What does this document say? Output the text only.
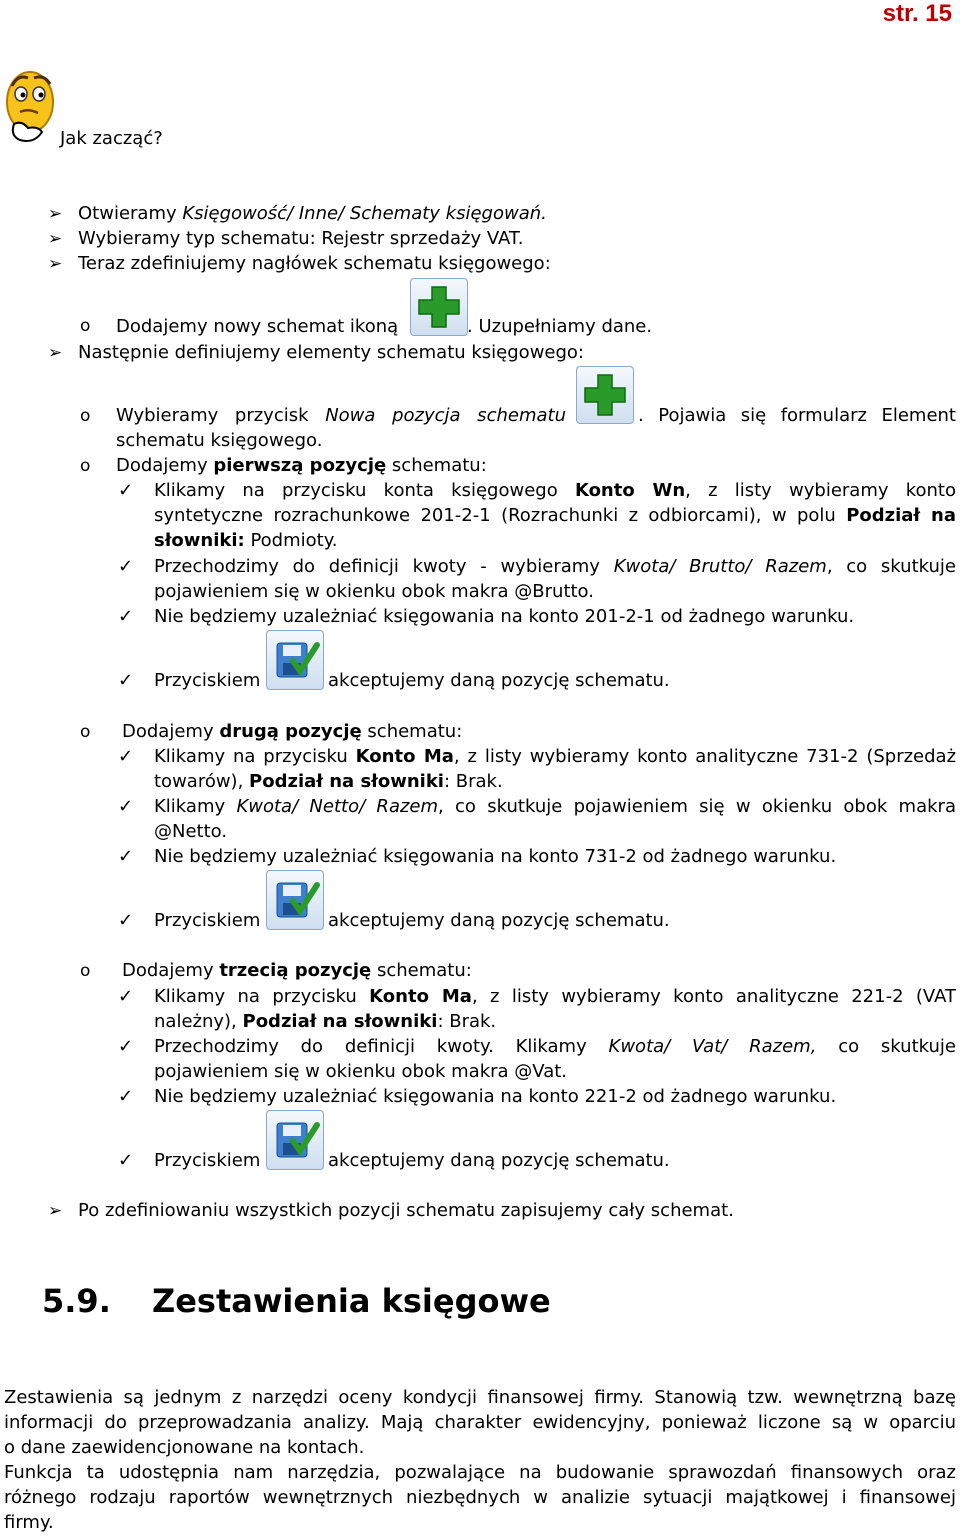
str. 15
Jak zacząć?
➢ Otwieramy Księgowość/ Inne/ Schematy księgowań.
➢ Wybieramy typ schematu: Rejestr sprzedaży VAT.
➢ Teraz zdefiniujemy nagłówek schematu księgowego:
o Dodajemy nowy schemat ikoną	. Uzupełniamy dane.
➢ Następnie definiujemy elementy schematu księgowego:
o Wybieramy przycisk Nowa pozycja schematu	. Pojawia się formularz Element
schematu księgowego.
o Dodajemy pierwszą pozycję schematu:
✓ Klikamy na przycisku konta księgowego Konto Wn, z listy wybieramy konto
syntetyczne rozrachunkowe 201-2-1 (Rozrachunki z odbiorcami), w polu Podział na
słowniki: Podmioty.
✓ Przechodzimy do definicji kwoty - wybieramy Kwota/ Brutto/ Razem, co skutkuje
pojawieniem się w okienku obok makra @Brutto.
✓ Nie będziemy uzależniać księgowania na konto 201-2-1 od żadnego warunku.
✓ Przyciskiem	akceptujemy daną pozycję schematu.
o Dodajemy drugą pozycję schematu:
✓ Klikamy na przycisku Konto Ma, z listy wybieramy konto analityczne 731-2 (Sprzedaż
towarów), Podział na słowniki: Brak.
✓ Klikamy Kwota/ Netto/ Razem, co skutkuje pojawieniem się w okienku obok makra
@Netto.
✓ Nie będziemy uzależniać księgowania na konto 731-2 od żadnego warunku.
✓ Przyciskiem	akceptujemy daną pozycję schematu.
o Dodajemy trzecią pozycję schematu:
✓ Klikamy na przycisku Konto Ma, z listy wybieramy konto analityczne 221-2 (VAT
należny), Podział na słowniki: Brak.
✓ Przechodzimy do definicji kwoty. Klikamy Kwota/ Vat/ Razem, co skutkuje
pojawieniem się w okienku obok makra @Vat.
✓ Nie będziemy uzależniać księgowania na konto 221-2 od żadnego warunku.
✓ Przyciskiem	akceptujemy daną pozycję schematu.
➢ Po zdefiniowaniu wszystkich pozycji schematu zapisujemy cały schemat.
5.9. Zestawienia księgowe
Zestawienia są jednym z narzędzi oceny kondycji finansowej firmy. Stanowią tzw. wewnętrzną bazę
informacji do przeprowadzania analizy. Mają charakter ewidencyjny, ponieważ liczone są w oparciu
o dane zaewidencjonowane na kontach.
Funkcja ta udostępnia nam narzędzia, pozwalające na budowanie sprawozdań finansowych oraz
różnego rodzaju raportów wewnętrznych niezbędnych w analizie sytuacji majątkowej i finansowej
firmy.
